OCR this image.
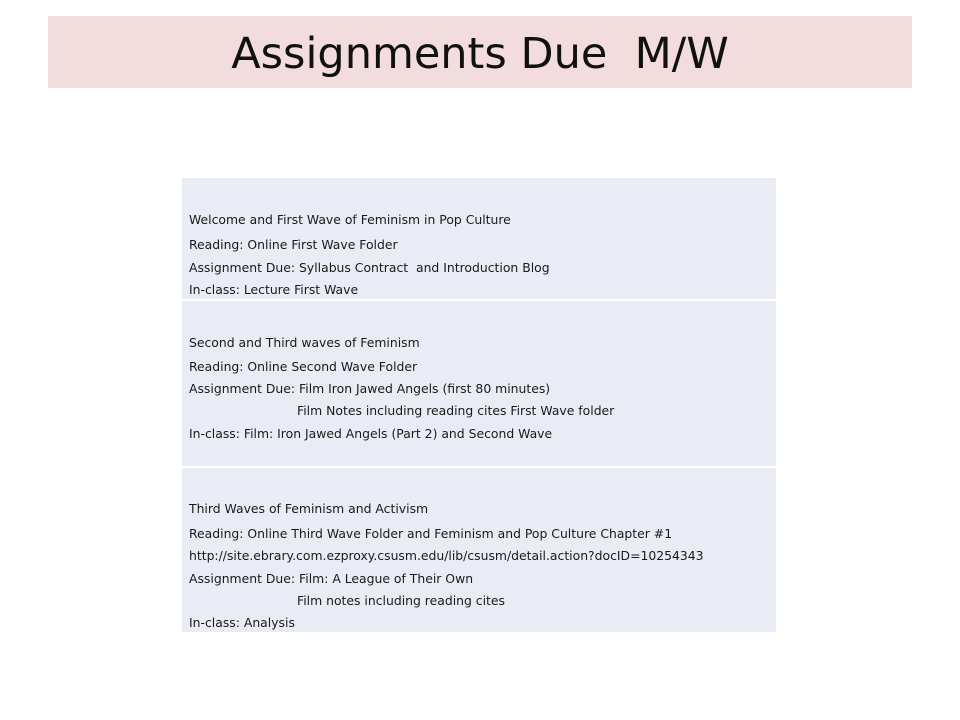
Assignments Due  M/W
Welcome and First Wave of Feminism in Pop Culture
Reading: Online First Wave Folder
Assignment Due: Syllabus Contract  and Introduction Blog
In-class: Lecture First Wave
Second and Third waves of Feminism
Reading: Online Second Wave Folder
Assignment Due: Film Iron Jawed Angels (first 80 minutes)
Film Notes including reading cites First Wave folder
In-class: Film: Iron Jawed Angels (Part 2) and Second Wave
Third Waves of Feminism and Activism
Reading: Online Third Wave Folder and Feminism and Pop Culture Chapter #1
http://site.ebrary.com.ezproxy.csusm.edu/lib/csusm/detail.action?docID=10254343
Assignment Due: Film: A League of Their Own
Film notes including reading cites
In-class: Analysis
